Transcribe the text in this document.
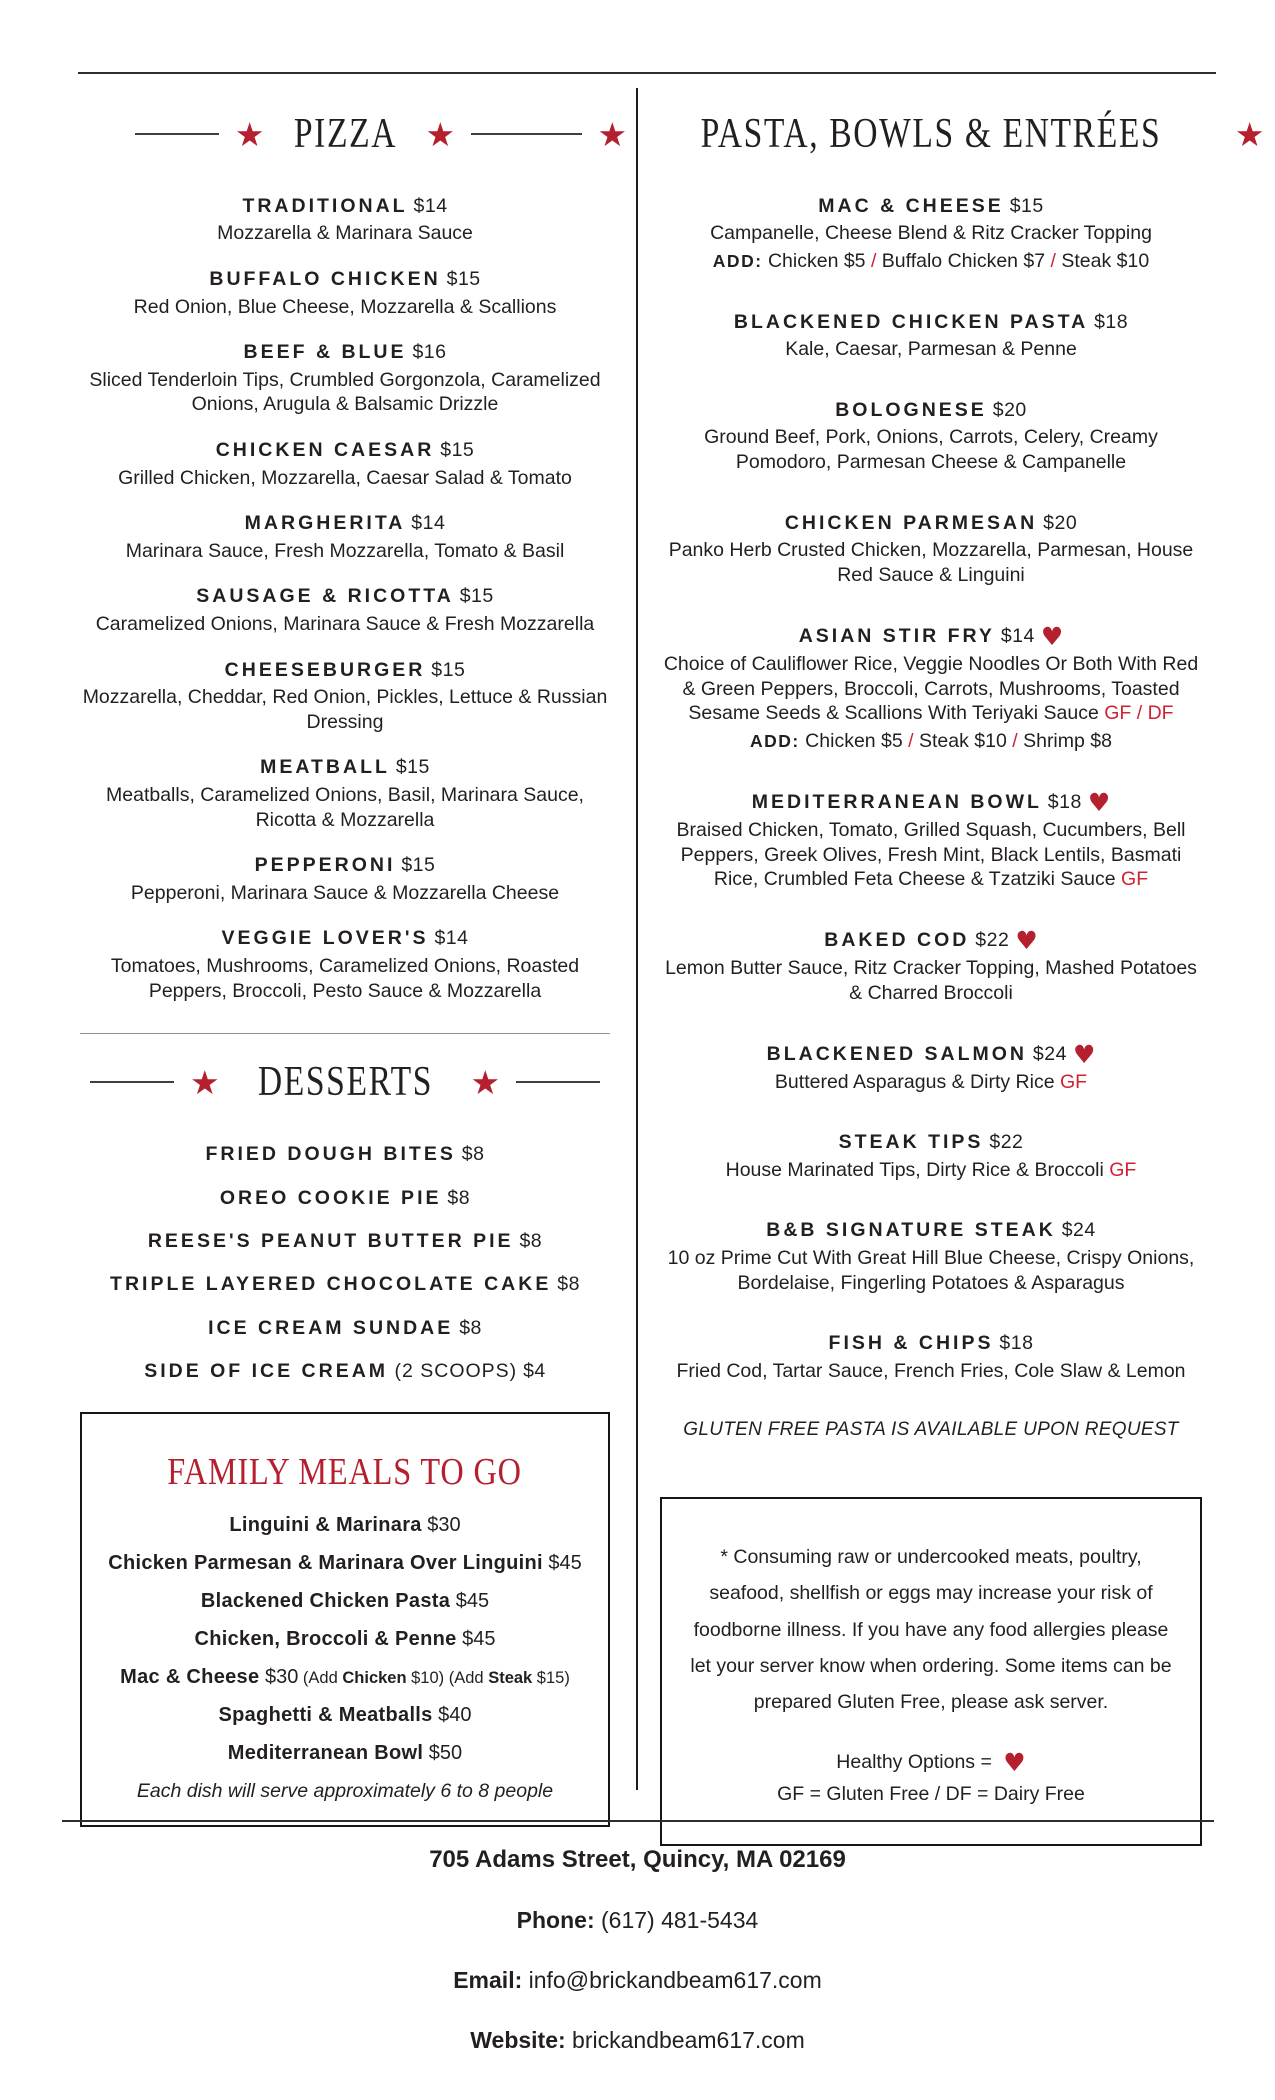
★ PIZZA ★
TRADITIONAL $14
Mozzarella & Marinara Sauce
BUFFALO CHICKEN $15
Red Onion, Blue Cheese, Mozzarella & Scallions
BEEF & BLUE $16
Sliced Tenderloin Tips, Crumbled Gorgonzola, Caramelized Onions, Arugula & Balsamic Drizzle
CHICKEN CAESAR $15
Grilled Chicken, Mozzarella, Caesar Salad & Tomato
MARGHERITA $14
Marinara Sauce, Fresh Mozzarella, Tomato & Basil
SAUSAGE & RICOTTA $15
Caramelized Onions, Marinara Sauce & Fresh Mozzarella
CHEESEBURGER $15
Mozzarella, Cheddar, Red Onion, Pickles, Lettuce & Russian Dressing
MEATBALL $15
Meatballs, Caramelized Onions, Basil, Marinara Sauce, Ricotta & Mozzarella
PEPPERONI $15
Pepperoni, Marinara Sauce & Mozzarella Cheese
VEGGIE LOVER'S $14
Tomatoes, Mushrooms, Caramelized Onions, Roasted Peppers, Broccoli, Pesto Sauce & Mozzarella
★ DESSERTS ★
FRIED DOUGH BITES $8
OREO COOKIE PIE $8
REESE'S PEANUT BUTTER PIE $8
TRIPLE LAYERED CHOCOLATE CAKE $8
ICE CREAM SUNDAE $8
SIDE OF ICE CREAM (2 SCOOPS) $4
FAMILY MEALS TO GO
Linguini & Marinara $30
Chicken Parmesan & Marinara Over Linguini $45
Blackened Chicken Pasta $45
Chicken, Broccoli & Penne $45
Mac & Cheese $30 (Add Chicken $10) (Add Steak $15)
Spaghetti & Meatballs $40
Mediterranean Bowl $50
Each dish will serve approximately 6 to 8 people
★ PASTA, BOWLS & ENTRÉES ★
MAC & CHEESE $15
Campanelle, Cheese Blend & Ritz Cracker Topping
ADD: Chicken $5 / Buffalo Chicken $7 / Steak $10
BLACKENED CHICKEN PASTA $18
Kale, Caesar, Parmesan & Penne
BOLOGNESE $20
Ground Beef, Pork, Onions, Carrots, Celery, Creamy Pomodoro, Parmesan Cheese & Campanelle
CHICKEN PARMESAN $20
Panko Herb Crusted Chicken, Mozzarella, Parmesan, House Red Sauce & Linguini
ASIAN STIR FRY $14 ♥
Choice of Cauliflower Rice, Veggie Noodles Or Both With Red & Green Peppers, Broccoli, Carrots, Mushrooms, Toasted Sesame Seeds & Scallions With Teriyaki Sauce GF / DF
ADD: Chicken $5 / Steak $10 / Shrimp $8
MEDITERRANEAN BOWL $18 ♥
Braised Chicken, Tomato, Grilled Squash, Cucumbers, Bell Peppers, Greek Olives, Fresh Mint, Black Lentils, Basmati Rice, Crumbled Feta Cheese & Tzatziki Sauce GF
BAKED COD $22 ♥
Lemon Butter Sauce, Ritz Cracker Topping, Mashed Potatoes & Charred Broccoli
BLACKENED SALMON $24 ♥
Buttered Asparagus & Dirty Rice GF
STEAK TIPS $22
House Marinated Tips, Dirty Rice & Broccoli GF
B&B SIGNATURE STEAK $24
10 oz Prime Cut With Great Hill Blue Cheese, Crispy Onions, Bordelaise, Fingerling Potatoes & Asparagus
FISH & CHIPS $18
Fried Cod, Tartar Sauce, French Fries, Cole Slaw & Lemon
GLUTEN FREE PASTA IS AVAILABLE UPON REQUEST

* Consuming raw or undercooked meats, poultry, seafood, shellfish or eggs may increase your risk of foodborne illness. If you have any food allergies please let your server know when ordering. Some items can be prepared Gluten Free, please ask server.

Healthy Options = ♥
GF = Gluten Free / DF = Dairy Free
705 Adams Street, Quincy, MA 02169
Phone: (617) 481-5434
Email: info@brickandbeam617.com
Website: brickandbeam617.com
